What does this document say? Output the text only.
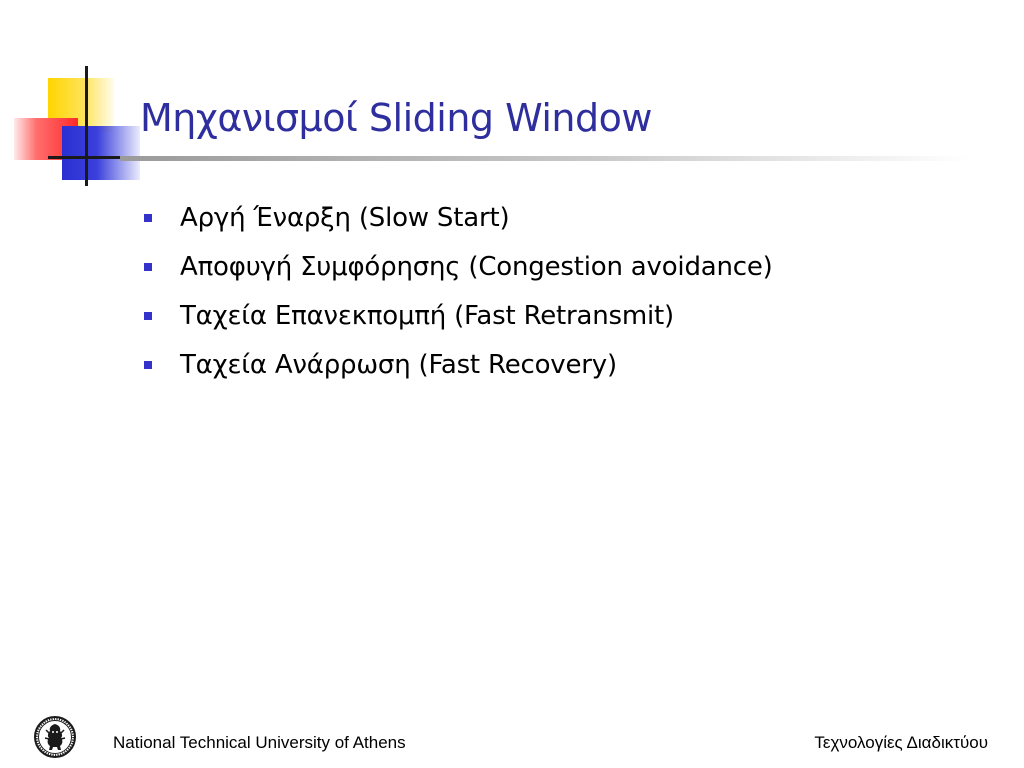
Μηχανισμοί Sliding Window
Αργή Έναρξη (Slow Start)
Αποφυγή Συμφόρησης (Congestion avoidance)
Ταχεία Επανεκπομπή (Fast Retransmit)
Ταχεία Ανάρρωση (Fast Recovery)
National Technical University of Athens	Τεχνολογίες Διαδικτύου
